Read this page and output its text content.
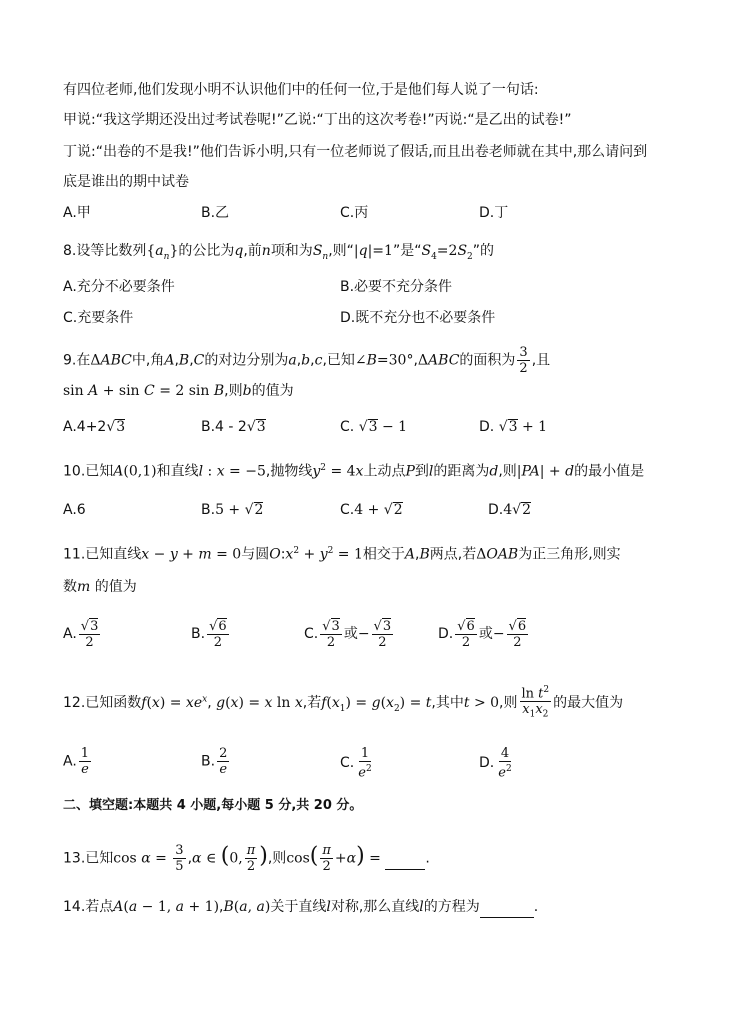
有四位老师,他们发现小明不认识他们中的任何一位,于是他们每人说了一句话:
甲说:“我这学期还没出过考试卷呢!”乙说:“丁出的这次考卷!”丙说:“是乙出的试卷!”
丁说:“出卷的不是我!”他们告诉小明,只有一位老师说了假话,而且出卷老师就在其中,那么请问到
底是谁出的期中试卷
A.甲	B.乙	C.丙	D.丁
8.设等比数列$\{a_n\}$的公比为q,前n项和为$S_n$,则“|q|=1”是“$S_4=2S_2$”的
A.充分不必要条件	B.必要不充分条件
C.充要条件	D.既不充分也不必要条件
9.在ΔABC中,角A,B,C的对边分别为a,b,c,已知∠B=30°,ΔABC的面积为 $\frac{3}{2}$ ,且
sin A + sin C = 2 sin B,则b的值为
A.4+2√3	B.4 - 2√3	C. √3 − 1	D. √3 + 1
10.已知A(0,1)和直线l : x = −5,抛物线$y^2 = 4x$上动点P到l的距离为d,则|PA| + d的最小值是
A.6	B.5 + √2	C.4 + √2	D.4√2
11.已知直线x − y + m = 0与圆$O:x^2 + y^2 = 1$相交于A,B两点,若ΔOAB为正三角形,则实
数m 的值为
A. $\frac{√3}{2}$	B. $\frac{√6}{2}$	C. $\frac{√3}{2}$ 或− $\frac{√3}{2}$	D. $\frac{√6}{2}$ 或− $\frac{√6}{2}$
12.已知函数$f(x) = xe^x$, g(x) = x ln x,若$f(x_1) = g(x_2) = t$,其中t > 0,则 $\frac{\ln t^2}{x_1x_2}$ 的最大值为
A. $\frac{1}{e}$	B. $\frac{2}{e}$	C. $\frac{1}{e^2}$	D. $\frac{4}{e^2}$
二、填空题:本题共 4 小题,每小题 5 分,共 20 分。
13.已知$\cos \alpha = \frac{3}{5} ,\alpha$ ∈ (0, $\frac{\pi}{2}$ ),则$\cos( \frac{\pi}{2} +\alpha)$ =	.
14.若点A(a − 1, a + 1),B(a, a)关于直线l对称,那么直线l的方程为	.
